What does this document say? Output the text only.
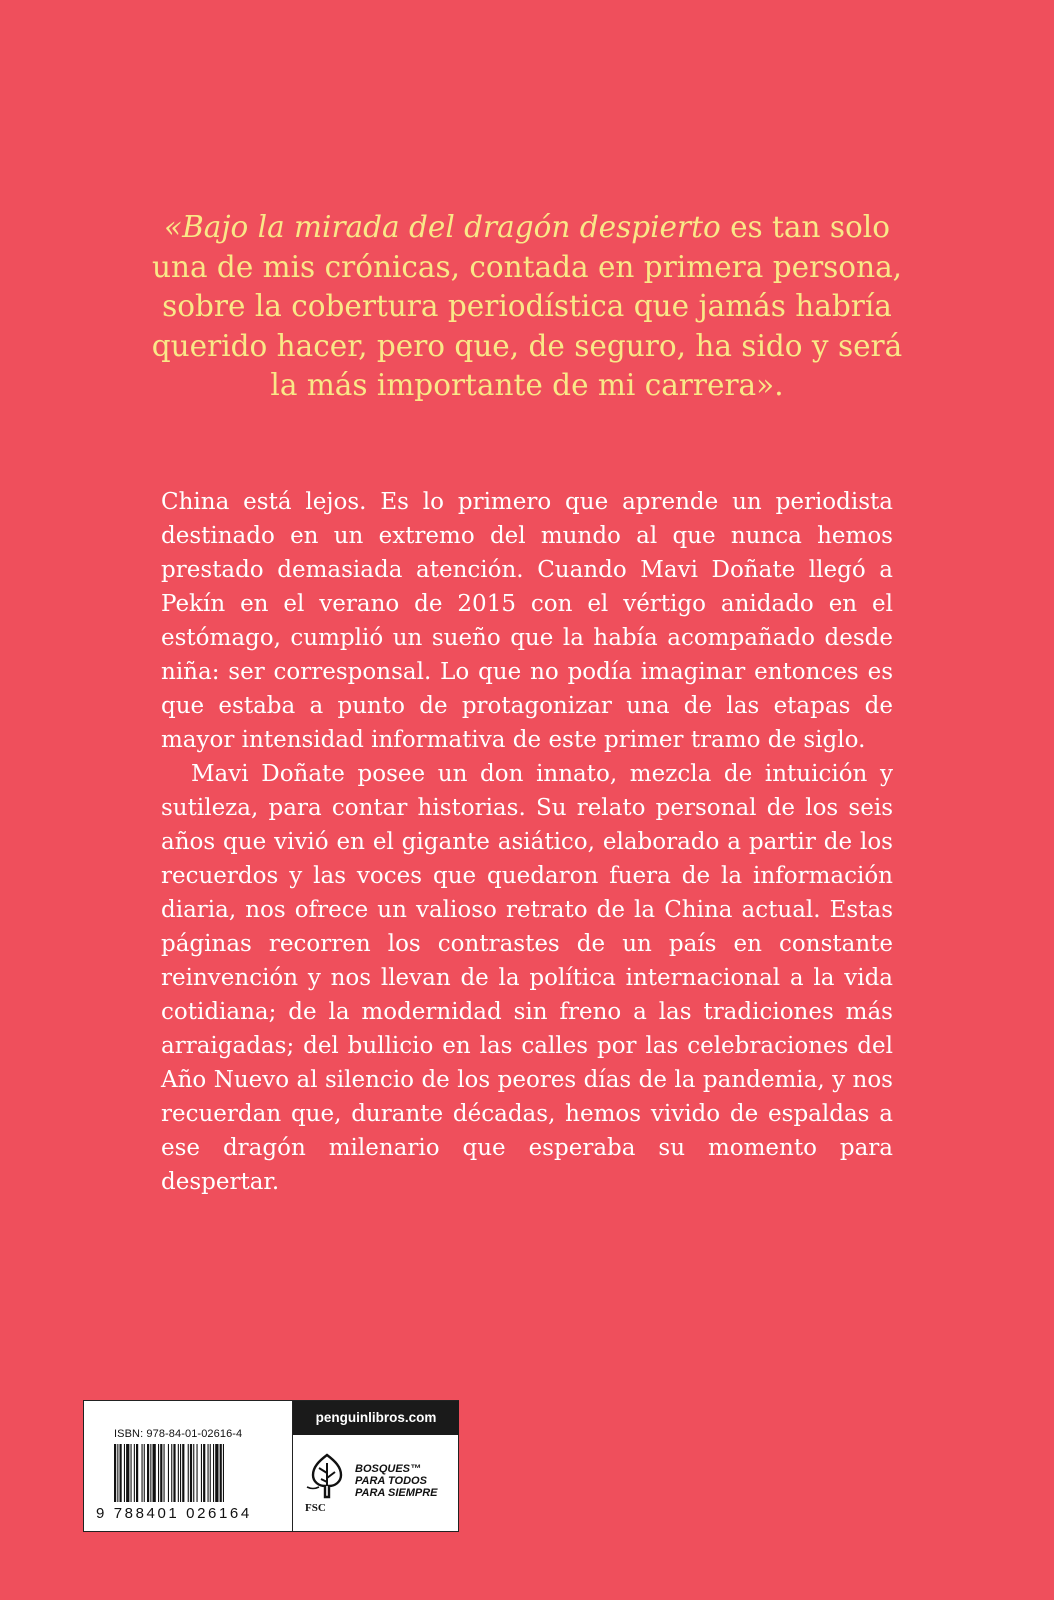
«Bajo la mirada del dragón despierto es tan solo una de mis crónicas, contada en primera persona, sobre la cobertura periodística que jamás habría querido hacer, pero que, de seguro, ha sido y será la más importante de mi carrera».

China está lejos. Es lo primero que aprende un periodista destinado en un extremo del mundo al que nunca hemos prestado demasiada atención. Cuando Mavi Doñate llegó a Pekín en el verano de 2015 con el vértigo anidado en el estómago, cumplió un sueño que la había acompañado desde niña: ser corresponsal. Lo que no podía imaginar entonces es que estaba a punto de protagonizar una de las etapas de mayor intensidad informativa de este primer tramo de siglo.

Mavi Doñate posee un don innato, mezcla de intuición y sutileza, para contar historias. Su relato personal de los seis años que vivió en el gigante asiático, elaborado a partir de los recuerdos y las voces que quedaron fuera de la información diaria, nos ofrece un valioso retrato de la China actual. Estas páginas recorren los contrastes de un país en constante reinvención y nos llevan de la política internacional a la vida cotidiana; de la modernidad sin freno a las tradiciones más arraigadas; del bullicio en las calles por las celebraciones del Año Nuevo al silencio de los peores días de la pandemia, y nos recuerdan que, durante décadas, hemos vivido de espaldas a ese dragón milenario que esperaba su momento para despertar.

ISBN: 978-84-01-02616-4
9 788401 026164
penguinlibros.com
FSC
BOSQUES™
PARA TODOS
PARA SIEMPRE
